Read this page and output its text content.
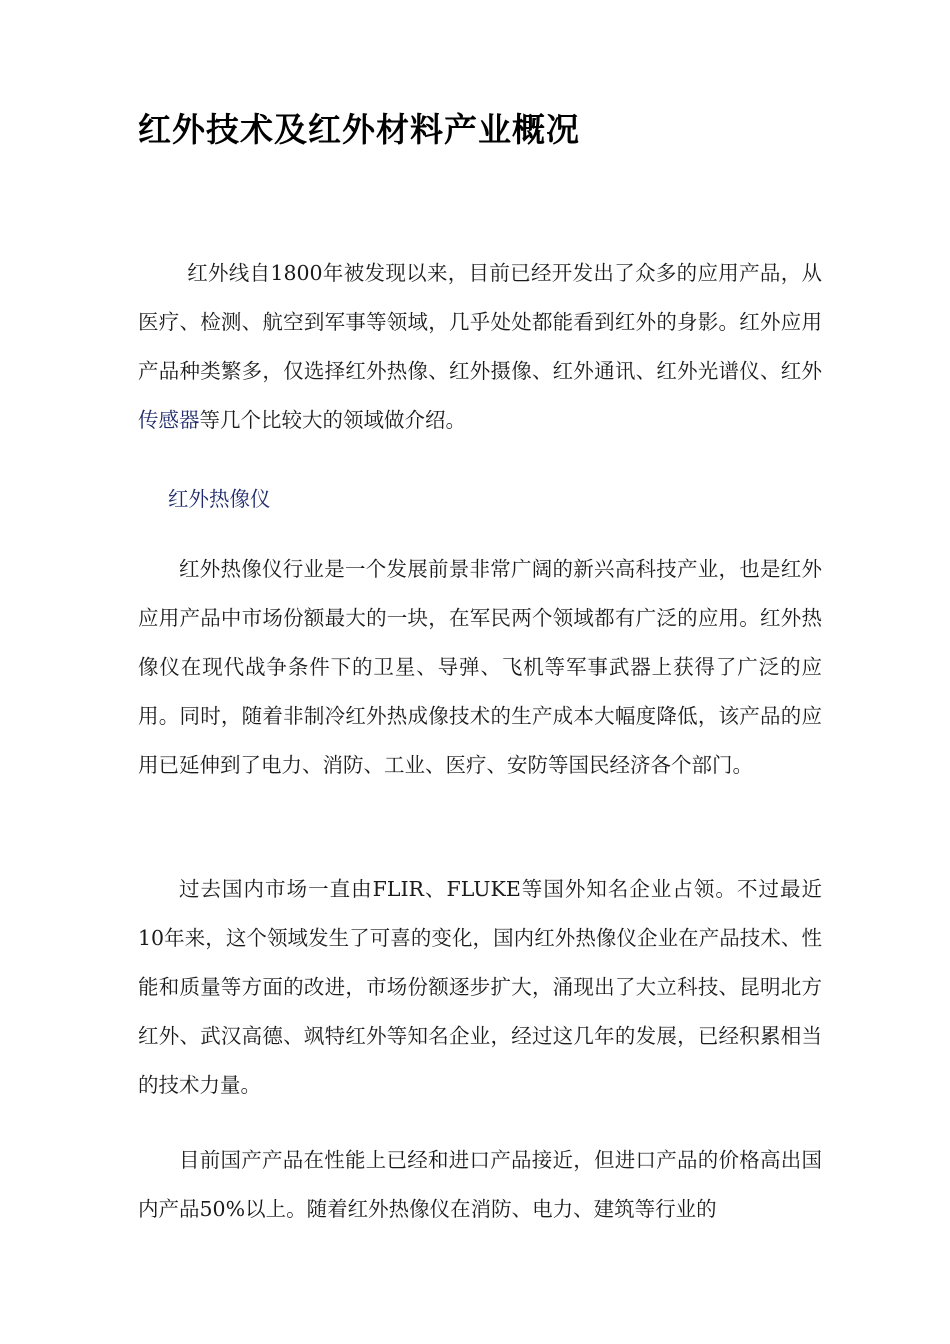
红外技术及红外材料产业概况

红外线自1800年被发现以来，目前已经开发出了众多的应用产品，从医疗、检测、航空到军事等领域，几乎处处都能看到红外的身影。红外应用产品种类繁多，仅选择红外热像、红外摄像、红外通讯、红外光谱仪、红外传感器等几个比较大的领域做介绍。

红外热像仪

红外热像仪行业是一个发展前景非常广阔的新兴高科技产业，也是红外应用产品中市场份额最大的一块，在军民两个领域都有广泛的应用。红外热像仪在现代战争条件下的卫星、导弹、飞机等军事武器上获得了广泛的应用。同时，随着非制冷红外热成像技术的生产成本大幅度降低，该产品的应用已延伸到了电力、消防、工业、医疗、安防等国民经济各个部门。

过去国内市场一直由FLIR、FLUKE等国外知名企业占领。不过最近10年来，这个领域发生了可喜的变化，国内红外热像仪企业在产品技术、性能和质量等方面的改进，市场份额逐步扩大，涌现出了大立科技、昆明北方红外、武汉高德、飒特红外等知名企业，经过这几年的发展，已经积累相当的技术力量。

目前国产产品在性能上已经和进口产品接近，但进口产品的价格高出国内产品50%以上。随着红外热像仪在消防、电力、建筑等行业的
